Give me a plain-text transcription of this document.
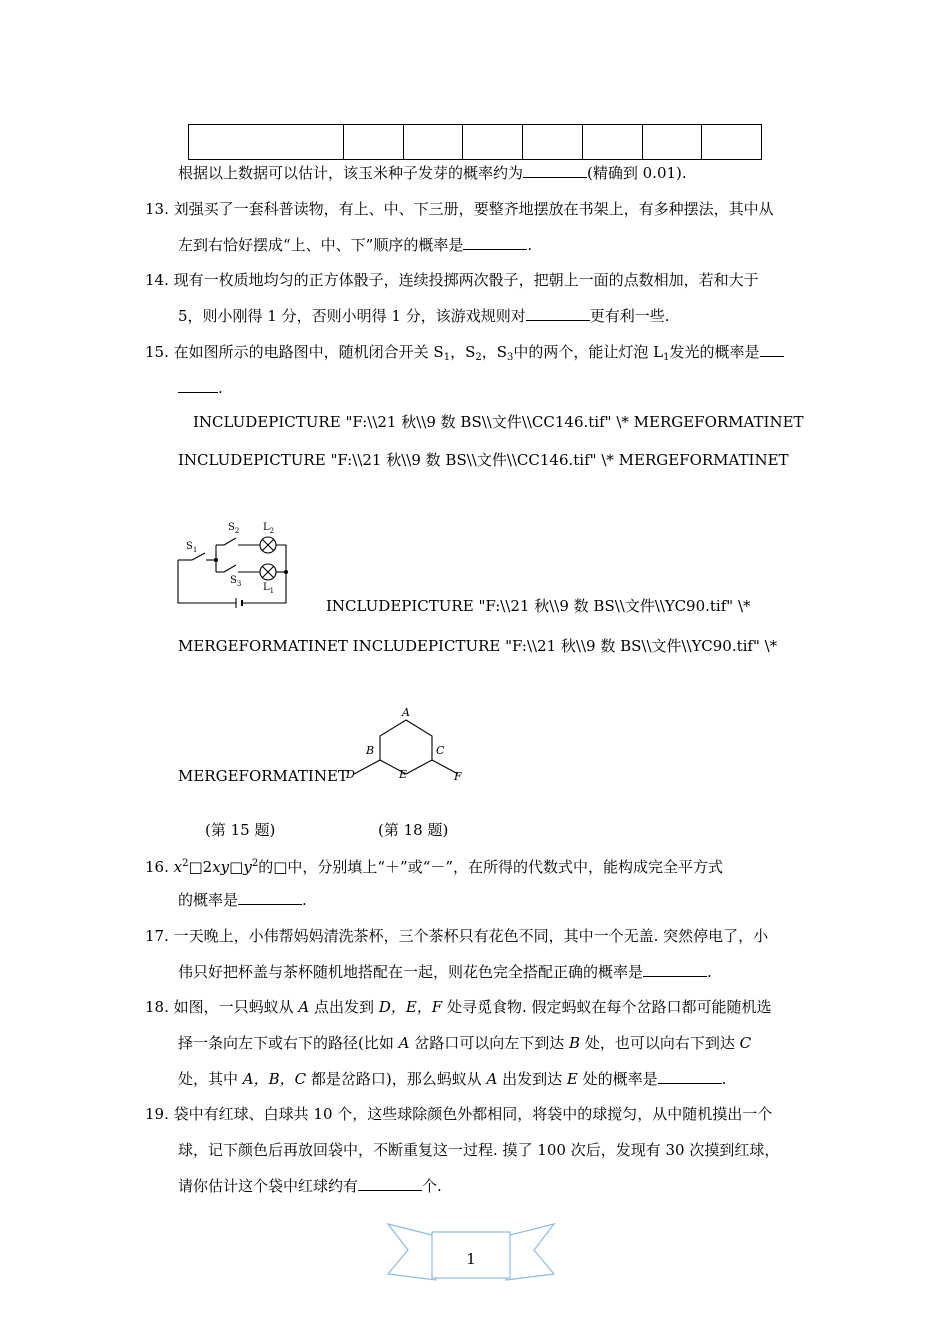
根据以上数据可以估计，该玉米种子发芽的概率约为	(精确到 0.01).
13. 刘强买了一套科普读物，有上、中、下三册，要整齐地摆放在书架上，有多种摆法，其中从
左到右恰好摆成“上、中、下”顺序的概率是	.
14. 现有一枚质地均匀的正方体骰子，连续投掷两次骰子，把朝上一面的点数相加，若和大于
5，则小刚得 1 分，否则小明得 1 分，该游戏规则对	更有利一些.
15. 在如图所示的电路图中，随机闭合开关 $S_1$，$S_2$，$S_3$中的两个，能让灯泡 $L_1$发光的概率是
.
INCLUDEPICTURE "F:\\21 秋\\9 数 BS\\文件\\CC146.tif" \* MERGEFORMATINET
INCLUDEPICTURE "F:\\21 秋\\9 数 BS\\文件\\CC146.tif" \* MERGEFORMATINET
$S_1$
$S_2$ $L_2$
$S_3$ $L_1$
INCLUDEPICTURE "F:\\21 秋\\9 数 BS\\文件\\YC90.tif" \*
MERGEFORMATINET INCLUDEPICTURE "F:\\21 秋\\9 数 BS\\文件\\YC90.tif" \*
MERGEFORMATINET
A
B	C
D	E	F
(第 15 题)	(第 18 题)
16. $x^2□2xy□y^2$的□中，分别填上“＋”或“－”，在所得的代数式中，能构成完全平方式
的概率是	.
17. 一天晚上，小伟帮妈妈清洗茶杯，三个茶杯只有花色不同，其中一个无盖. 突然停电了，小
伟只好把杯盖与茶杯随机地搭配在一起，则花色完全搭配正确的概率是	.
18. 如图，一只蚂蚁从 A 点出发到 D，E，F 处寻觅食物. 假定蚂蚁在每个岔路口都可能随机选
择一条向左下或右下的路径(比如 A 岔路口可以向左下到达 B 处，也可以向右下到达 C
处，其中 A，B，C 都是岔路口)，那么蚂蚁从 A 出发到达 E 处的概率是	.
19. 袋中有红球、白球共 10 个，这些球除颜色外都相同，将袋中的球搅匀，从中随机摸出一个
球，记下颜色后再放回袋中，不断重复这一过程. 摸了 100 次后，发现有 30 次摸到红球，
请你估计这个袋中红球约有	个.
1
